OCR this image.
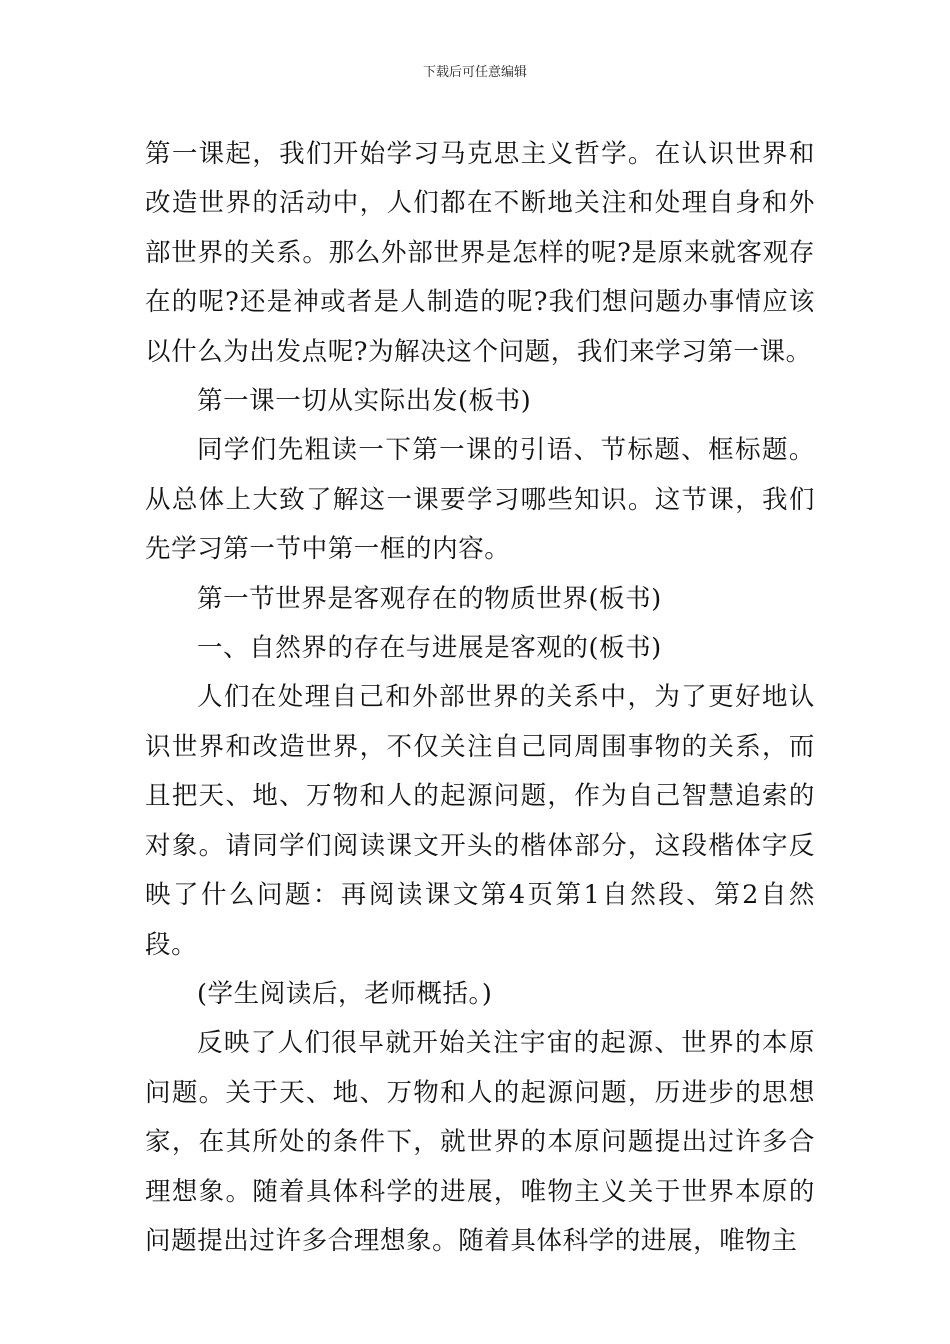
下载后可任意编辑

第一课起，我们开始学习马克思主义哲学。在认识世界和改造世界的活动中，人们都在不断地关注和处理自身和外部世界的关系。那么外部世界是怎样的呢?是原来就客观存在的呢?还是神或者是人制造的呢?我们想问题办事情应该以什么为出发点呢?为解决这个问题，我们来学习第一课。

第一课一切从实际出发(板书)

同学们先粗读一下第一课的引语、节标题、框标题。从总体上大致了解这一课要学习哪些知识。这节课，我们先学习第一节中第一框的内容。

第一节世界是客观存在的物质世界(板书)

一、自然界的存在与进展是客观的(板书)

人们在处理自己和外部世界的关系中，为了更好地认识世界和改造世界，不仅关注自己同周围事物的关系，而且把天、地、万物和人的起源问题，作为自己智慧追索的对象。请同学们阅读课文开头的楷体部分，这段楷体字反映了什么问题：再阅读课文第4页第1自然段、第2自然段。

(学生阅读后，老师概括。)

反映了人们很早就开始关注宇宙的起源、世界的本原问题。关于天、地、万物和人的起源问题，历进步的思想家，在其所处的条件下，就世界的本原问题提出过许多合理想象。随着具体科学的进展，唯物主义关于世界本原的问题提出过许多合理想象。随着具体科学的进展，唯物主
